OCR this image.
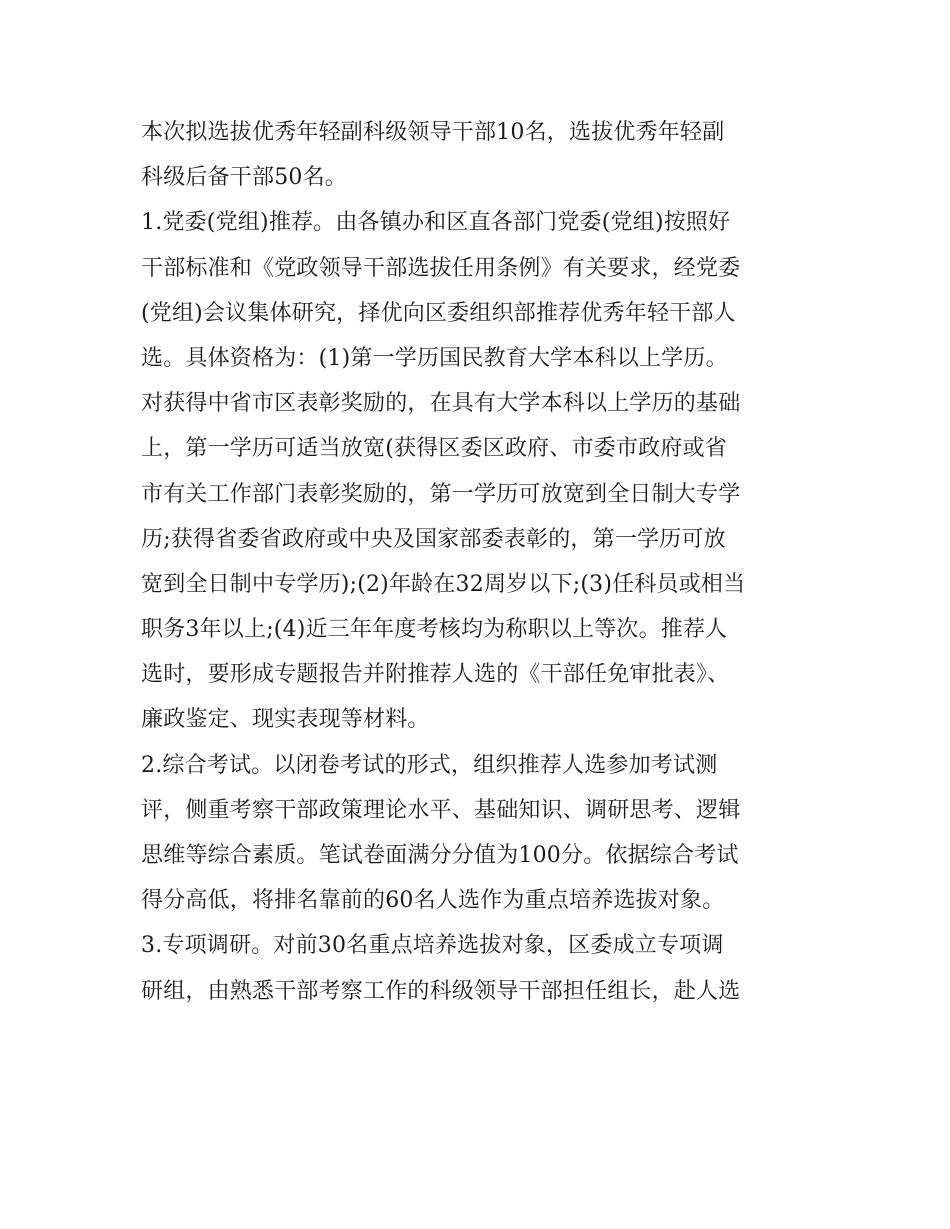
本次拟选拔优秀年轻副科级领导干部10名，选拔优秀年轻副
科级后备干部50名。
1.党委(党组)推荐。由各镇办和区直各部门党委(党组)按照好
干部标准和《党政领导干部选拔任用条例》有关要求，经党委
(党组)会议集体研究，择优向区委组织部推荐优秀年轻干部人
选。具体资格为：(1)第一学历国民教育大学本科以上学历。
对获得中省市区表彰奖励的，在具有大学本科以上学历的基础
上，第一学历可适当放宽(获得区委区政府、市委市政府或省
市有关工作部门表彰奖励的，第一学历可放宽到全日制大专学
历;获得省委省政府或中央及国家部委表彰的，第一学历可放
宽到全日制中专学历);(2)年龄在32周岁以下;(3)任科员或相当
职务3年以上;(4)近三年年度考核均为称职以上等次。推荐人
选时，要形成专题报告并附推荐人选的《干部任免审批表》、
廉政鉴定、现实表现等材料。
2.综合考试。以闭卷考试的形式，组织推荐人选参加考试测
评，侧重考察干部政策理论水平、基础知识、调研思考、逻辑
思维等综合素质。笔试卷面满分分值为100分。依据综合考试
得分高低，将排名靠前的60名人选作为重点培养选拔对象。
3.专项调研。对前30名重点培养选拔对象，区委成立专项调
研组，由熟悉干部考察工作的科级领导干部担任组长，赴人选
